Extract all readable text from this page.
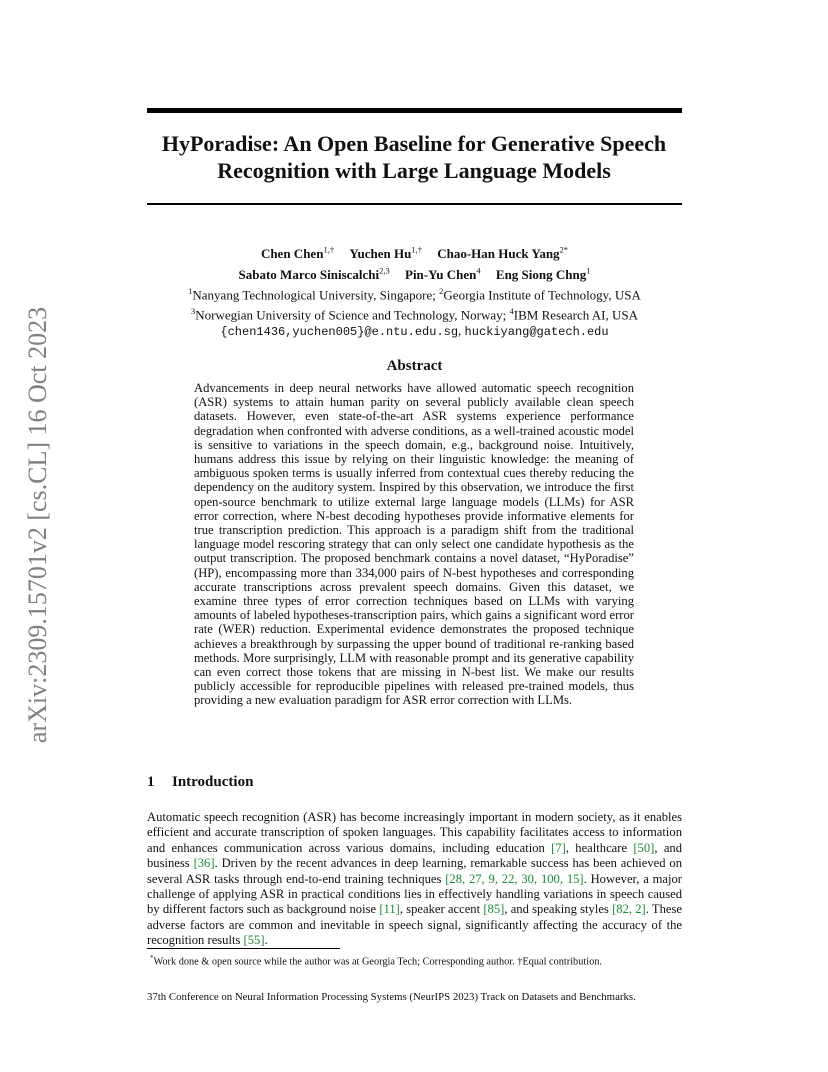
arXiv:2309.15701v2 [cs.CL] 16 Oct 2023
HyPoradise: An Open Baseline for Generative Speech Recognition with Large Language Models
Chen Chen$^{1,\dagger}$ Yuchen $Hu^{1,\dagger}$ Chao-Han Huck Yang$^{2*}$
Sabato Marco Siniscalchi$^{2,3}$ Pin-Yu Chen$^4$ Eng Siong Chng$^1$
$^1$Nanyang Technological University, Singapore; $^2$Georgia Institute of Technology, USA
$^3$Norwegian University of Science and Technology, Norway; $^4$IBM Research AI, USA
{chen1436,yuchen005}@e.ntu.edu.sg, huckiyang@gatech.edu
Abstract
Advancements in deep neural networks have allowed automatic speech recognition (ASR) systems to attain human parity on several publicly available clean speech datasets. However, even state-of-the-art ASR systems experience performance degradation when confronted with adverse conditions, as a well-trained acoustic model is sensitive to variations in the speech domain, e.g., background noise. Intuitively, humans address this issue by relying on their linguistic knowledge: the meaning of ambiguous spoken terms is usually inferred from contextual cues thereby reducing the dependency on the auditory system. Inspired by this observation, we introduce the first open-source benchmark to utilize external large language models (LLMs) for ASR error correction, where N-best decoding hypotheses provide informative elements for true transcription prediction. This approach is a paradigm shift from the traditional language model rescoring strategy that can only select one candidate hypothesis as the output transcription. The proposed benchmark contains a novel dataset, “HyPoradise” (HP), encompassing more than 334,000 pairs of N-best hypotheses and corresponding accurate transcriptions across prevalent speech domains. Given this dataset, we examine three types of error correction techniques based on LLMs with varying amounts of labeled hypotheses-transcription pairs, which gains a significant word error rate (WER) reduction. Experimental evidence demonstrates the proposed technique achieves a breakthrough by surpassing the upper bound of traditional re-ranking based methods. More surprisingly, LLM with reasonable prompt and its generative capability can even correct those tokens that are missing in N-best list. We make our results publicly accessible for reproducible pipelines with released pre-trained models, thus providing a new evaluation paradigm for ASR error correction with LLMs.
1 Introduction
Automatic speech recognition (ASR) has become increasingly important in modern society, as it enables efficient and accurate transcription of spoken languages. This capability facilitates access to information and enhances communication across various domains, including education [7], healthcare [50], and business [36]. Driven by the recent advances in deep learning, remarkable success has been achieved on several ASR tasks through end-to-end training techniques [28, 27, 9, 22, 30, 100, 15]. However, a major challenge of applying ASR in practical conditions lies in effectively handling variations in speech caused by different factors such as background noise [11], speaker accent [85], and speaking styles [82, 2]. These adverse factors are common and inevitable in speech signal, significantly affecting the accuracy of the recognition results [55].
*Work done & open source while the author was at Georgia Tech; Corresponding author. †Equal contribution.
37th Conference on Neural Information Processing Systems (NeurIPS 2023) Track on Datasets and Benchmarks.
